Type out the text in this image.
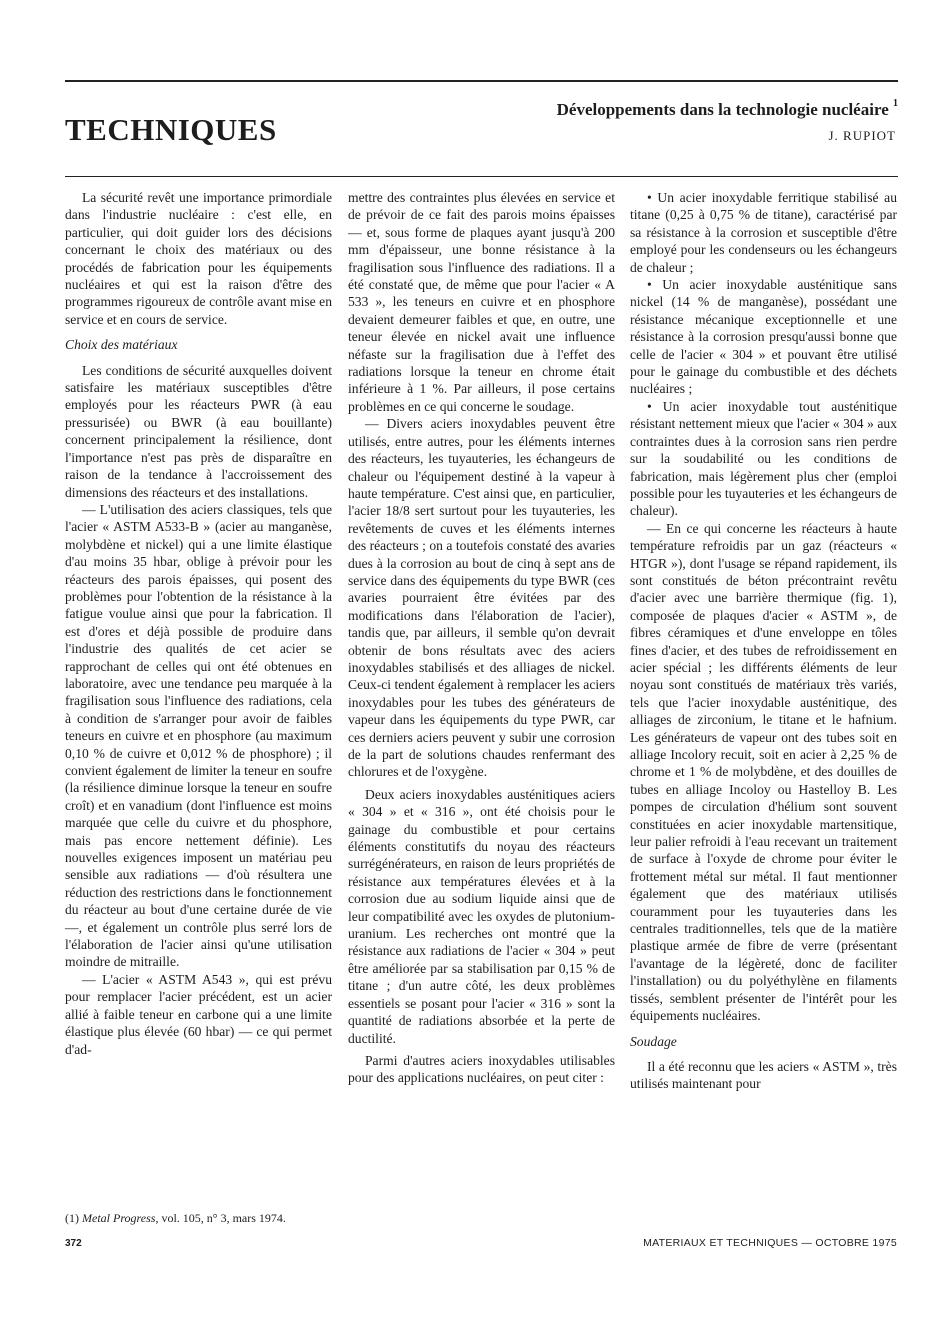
TECHNIQUES
Développements dans la technologie nucléaire $^1$
J. RUPIOT

La sécurité revêt une importance primordiale dans l'industrie nucléaire : c'est elle, en particulier, qui doit guider lors des décisions concernant le choix des matériaux ou des procédés de fabrication pour les équipements nucléaires et qui est la raison d'être des programmes rigoureux de contrôle avant mise en service et en cours de service.

Choix des matériaux

Les conditions de sécurité auxquelles doivent satisfaire les matériaux susceptibles d'être employés pour les réacteurs PWR (à eau pressurisée) ou BWR (à eau bouillante) concernent principalement la résilience, dont l'importance n'est pas près de disparaître en raison de la tendance à l'accroissement des dimensions des réacteurs et des installations.

— L'utilisation des aciers classiques, tels que l'acier « ASTM A533-B » (acier au manganèse, molybdène et nickel) qui a une limite élastique d'au moins 35 hbar, oblige à prévoir pour les réacteurs des parois épaisses, qui posent des problèmes pour l'obtention de la résistance à la fatigue voulue ainsi que pour la fabrication. Il est d'ores et déjà possible de produire dans l'industrie des qualités de cet acier se rapprochant de celles qui ont été obtenues en laboratoire, avec une tendance peu marquée à la fragilisation sous l'influence des radiations, cela à condition de s'arranger pour avoir de faibles teneurs en cuivre et en phosphore (au maximum 0,10 % de cuivre et 0,012 % de phosphore) ; il convient également de limiter la teneur en soufre (la résilience diminue lorsque la teneur en soufre croît) et en vanadium (dont l'influence est moins marquée que celle du cuivre et du phosphore, mais pas encore nettement définie). Les nouvelles exigences imposent un matériau peu sensible aux radiations — d'où résultera une réduction des restrictions dans le fonctionnement du réacteur au bout d'une certaine durée de vie —, et également un contrôle plus serré lors de l'élaboration de l'acier ainsi qu'une utilisation moindre de mitraille.

— L'acier « ASTM A543 », qui est prévu pour remplacer l'acier précédent, est un acier allié à faible teneur en carbone qui a une limite élastique plus élevée (60 hbar) — ce qui permet d'ad-

mettre des contraintes plus élevées en service et de prévoir de ce fait des parois moins épaisses — et, sous forme de plaques ayant jusqu'à 200 mm d'épaisseur, une bonne résistance à la fragilisation sous l'influence des radiations. Il a été constaté que, de même que pour l'acier « A 533 », les teneurs en cuivre et en phosphore devaient demeurer faibles et que, en outre, une teneur élevée en nickel avait une influence néfaste sur la fragilisation due à l'effet des radiations lorsque la teneur en chrome était inférieure à 1 %. Par ailleurs, il pose certains problèmes en ce qui concerne le soudage.

— Divers aciers inoxydables peuvent être utilisés, entre autres, pour les éléments internes des réacteurs, les tuyauteries, les échangeurs de chaleur ou l'équipement destiné à la vapeur à haute température. C'est ainsi que, en particulier, l'acier 18/8 sert surtout pour les tuyauteries, les revêtements de cuves et les éléments internes des réacteurs ; on a toutefois constaté des avaries dues à la corrosion au bout de cinq à sept ans de service dans des équipements du type BWR (ces avaries pourraient être évitées par des modifications dans l'élaboration de l'acier), tandis que, par ailleurs, il semble qu'on devrait obtenir de bons résultats avec des aciers inoxydables stabilisés et des alliages de nickel. Ceux-ci tendent également à remplacer les aciers inoxydables pour les tubes des générateurs de vapeur dans les équipements du type PWR, car ces derniers aciers peuvent y subir une corrosion de la part de solutions chaudes renfermant des chlorures et de l'oxygène.

Deux aciers inoxydables austénitiques aciers « 304 » et « 316 », ont été choisis pour le gainage du combustible et pour certains éléments constitutifs du noyau des réacteurs surrégénérateurs, en raison de leurs propriétés de résistance aux températures élevées et à la corrosion due au sodium liquide ainsi que de leur compatibilité avec les oxydes de plutonium-uranium. Les recherches ont montré que la résistance aux radiations de l'acier « 304 » peut être améliorée par sa stabilisation par 0,15 % de titane ; d'un autre côté, les deux problèmes essentiels se posant pour l'acier « 316 » sont la quantité de radiations absorbée et la perte de ductilité.

Parmi d'autres aciers inoxydables utilisables pour des applications nucléaires, on peut citer :

• Un acier inoxydable ferritique stabilisé au titane (0,25 à 0,75 % de titane), caractérisé par sa résistance à la corrosion et susceptible d'être employé pour les condenseurs ou les échangeurs de chaleur ;

• Un acier inoxydable austénitique sans nickel (14 % de manganèse), possédant une résistance mécanique exceptionnelle et une résistance à la corrosion presqu'aussi bonne que celle de l'acier « 304 » et pouvant être utilisé pour le gainage du combustible et des déchets nucléaires ;

• Un acier inoxydable tout austénitique résistant nettement mieux que l'acier « 304 » aux contraintes dues à la corrosion sans rien perdre sur la soudabilité ou les conditions de fabrication, mais légèrement plus cher (emploi possible pour les tuyauteries et les échangeurs de chaleur).

— En ce qui concerne les réacteurs à haute température refroidis par un gaz (réacteurs « HTGR »), dont l'usage se répand rapidement, ils sont constitués de béton précontraint revêtu d'acier avec une barrière thermique (fig. 1), composée de plaques d'acier « ASTM », de fibres céramiques et d'une enveloppe en tôles fines d'acier, et des tubes de refroidissement en acier spécial ; les différents éléments de leur noyau sont constitués de matériaux très variés, tels que l'acier inoxydable austénitique, des alliages de zirconium, le titane et le hafnium. Les générateurs de vapeur ont des tubes soit en alliage Incolory recuit, soit en acier à 2,25 % de chrome et 1 % de molybdène, et des douilles de tubes en alliage Incoloy ou Hastelloy B. Les pompes de circulation d'hélium sont souvent constituées en acier inoxydable martensitique, leur palier refroidi à l'eau recevant un traitement de surface à l'oxyde de chrome pour éviter le frottement métal sur métal. Il faut mentionner également que des matériaux utilisés couramment pour les tuyauteries dans les centrales traditionnelles, tels que de la matière plastique armée de fibre de verre (présentant l'avantage de la légèreté, donc de faciliter l'installation) ou du polyéthylène en filaments tissés, semblent présenter de l'intérêt pour les équipements nucléaires.

Soudage

Il a été reconnu que les aciers « ASTM », très utilisés maintenant pour

(1) Metal Progress, vol. 105, n° 3, mars 1974.
372	MATERIAUX ET TECHNIQUES — OCTOBRE 1975
